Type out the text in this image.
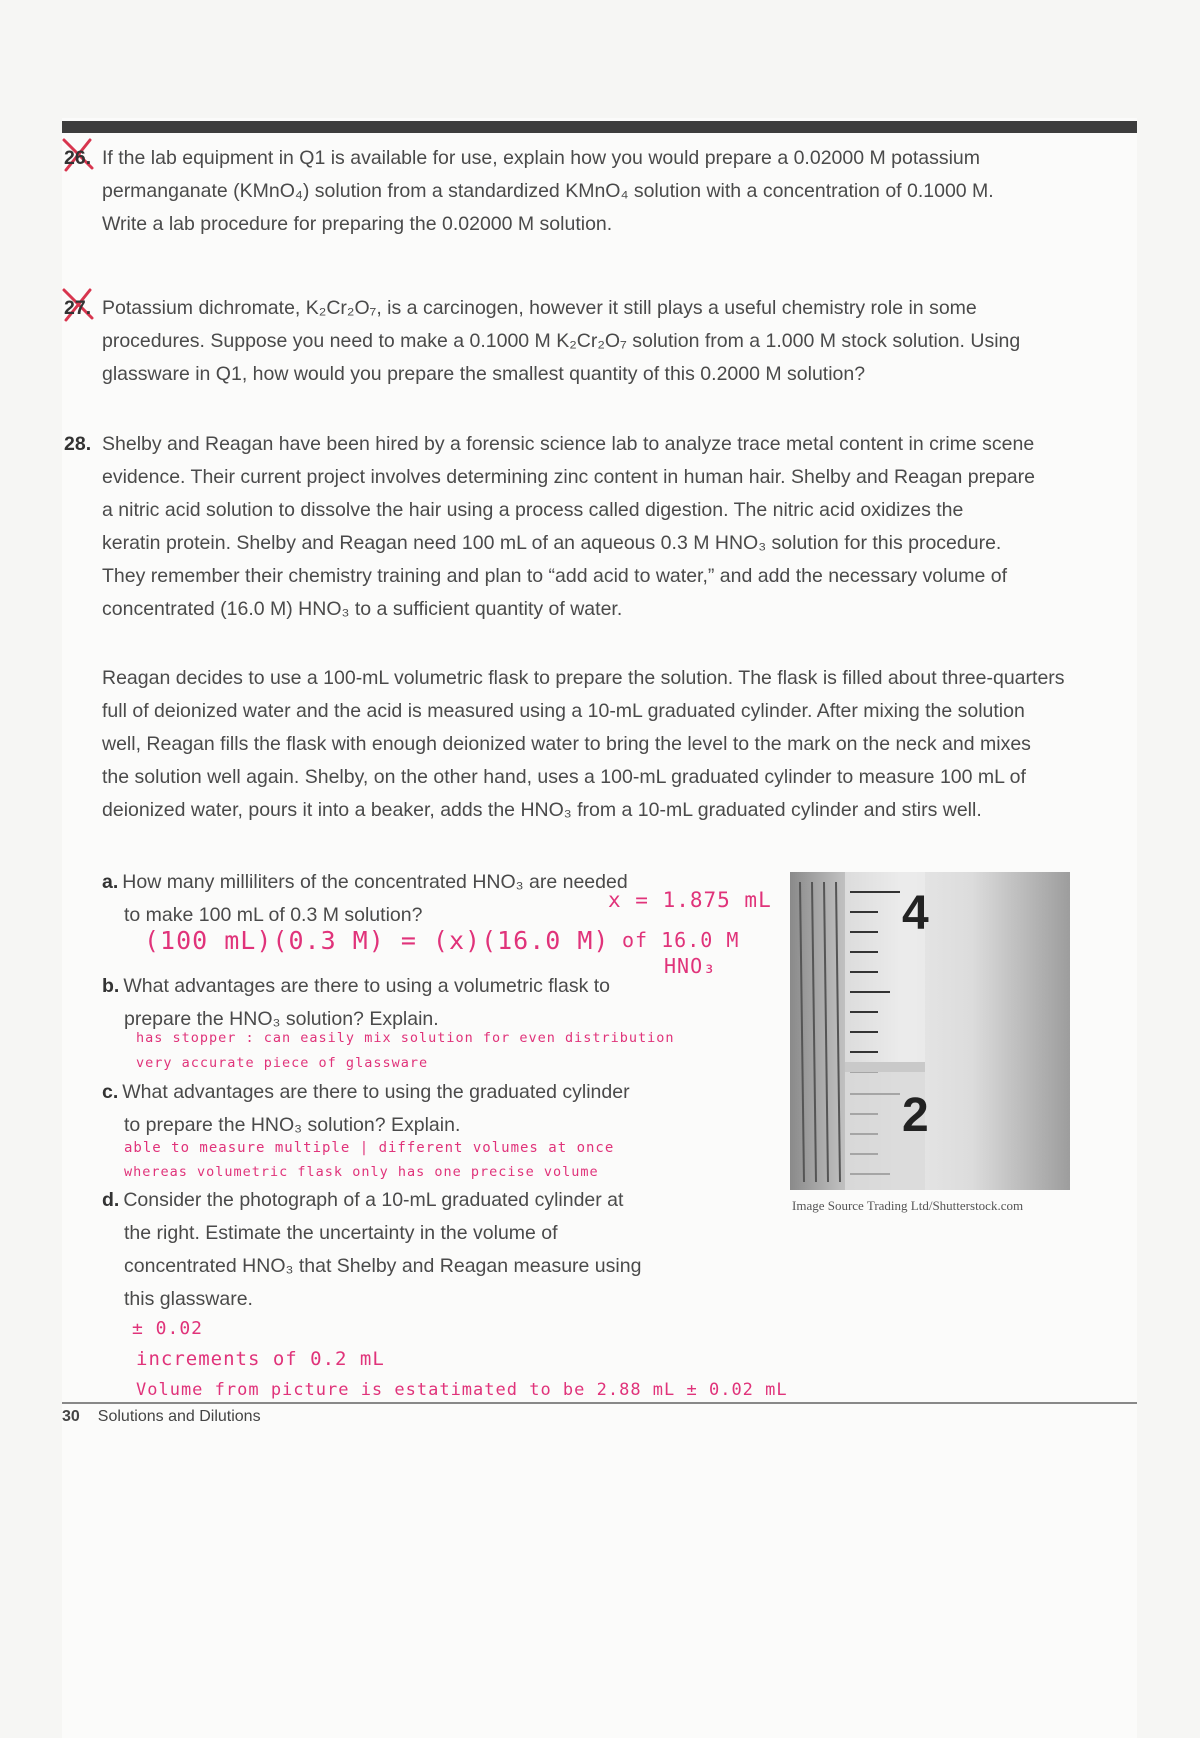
26. If the lab equipment in Q1 is available for use, explain how you would prepare a 0.02000 M potassium

permanganate (KMnO₄) solution from a standardized KMnO₄ solution with a concentration of 0.1000 M.

Write a lab procedure for preparing the 0.02000 M solution.

27. Potassium dichromate, K₂Cr₂O₇, is a carcinogen, however it still plays a useful chemistry role in some

procedures. Suppose you need to make a 0.1000 M K₂Cr₂O₇ solution from a 1.000 M stock solution. Using

glassware in Q1, how would you prepare the smallest quantity of this 0.2000 M solution?

28. Shelby and Reagan have been hired by a forensic science lab to analyze trace metal content in crime scene

evidence. Their current project involves determining zinc content in human hair. Shelby and Reagan prepare

a nitric acid solution to dissolve the hair using a process called digestion. The nitric acid oxidizes the

keratin protein. Shelby and Reagan need 100 mL of an aqueous 0.3 M HNO₃ solution for this procedure.

They remember their chemistry training and plan to “add acid to water,” and add the necessary volume of

concentrated (16.0 M) HNO₃ to a sufficient quantity of water.

Reagan decides to use a 100-mL volumetric flask to prepare the solution. The flask is filled about three-quarters

full of deionized water and the acid is measured using a 10-mL graduated cylinder. After mixing the solution

well, Reagan fills the flask with enough deionized water to bring the level to the mark on the neck and mixes

the solution well again. Shelby, on the other hand, uses a 100-mL graduated cylinder to measure 100 mL of

deionized water, pours it into a beaker, adds the HNO₃ from a 10-mL graduated cylinder and stirs well.

a. How many milliliters of the concentrated HNO₃ are needed
to make 100 mL of 0.3 M solution?
x = 1.875 mL
(100 mL)(0.3 M) = (x)(16.0 M) of 16.0 M
HNO₃
b. What advantages are there to using a volumetric flask to
prepare the HNO₃ solution? Explain.
has stopper : can easily mix solution for even distribution
very accurate piece of glassware
c. What advantages are there to using the graduated cylinder
to prepare the HNO₃ solution? Explain.
able to measure multiple | different volumes at once
whereas volumetric flask only has one precise volume
d. Consider the photograph of a 10-mL graduated cylinder at
the right. Estimate the uncertainty in the volume of
concentrated HNO₃ that Shelby and Reagan measure using
this glassware.
± 0.02
increments of 0.2 mL
Volume from picture is estatimated to be 2.88 mL ± 0.02 mL
4
2
Image Source Trading Ltd/Shutterstock.com
30 Solutions and Dilutions
